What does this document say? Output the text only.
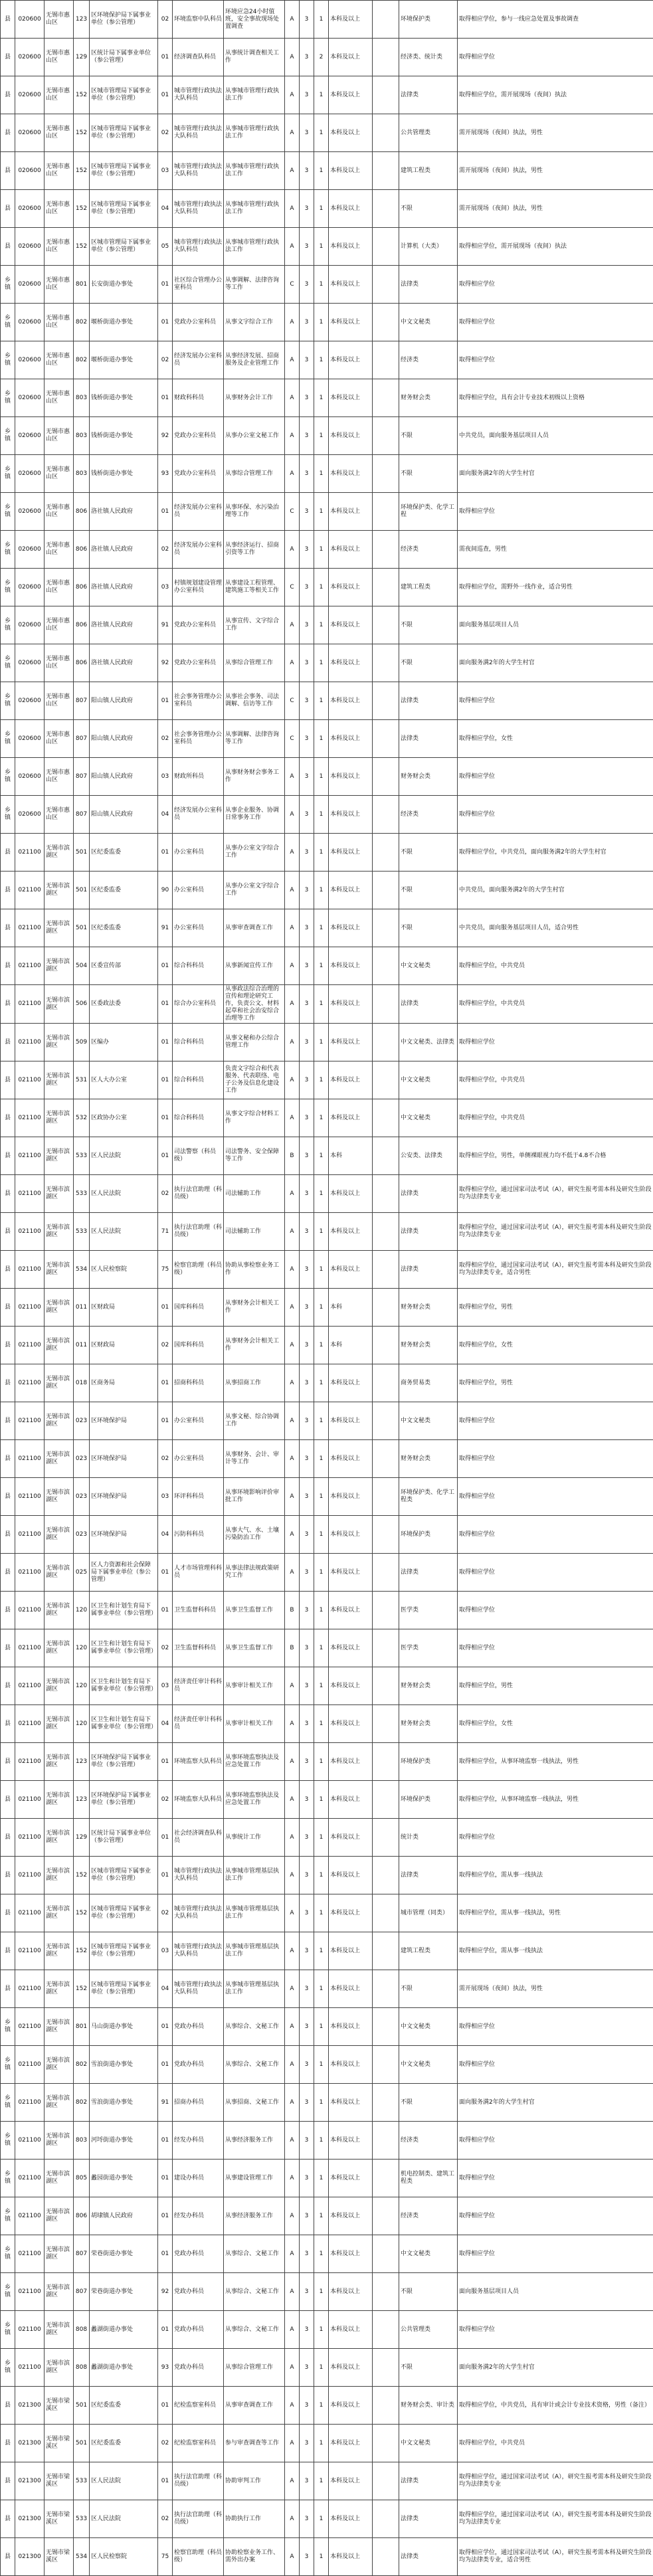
县	020600	无锡市惠山区	123	区环境保护局下属事业单位（参公管理）	02	环境监察中队科员	环境应急24小时值班，安全事故现场处置调查	A	3	1	本科及以上		环境保护类	取得相应学位，参与一线应急处置及事故调查
县	020600	无锡市惠山区	129	区统计局下属事业单位（参公管理）	01	经济调查队科员	从事统计调查相关工作	A	3	2	本科及以上		经济类、统计类	取得相应学位
县	020600	无锡市惠山区	152	区城市管理局下属事业单位（参公管理）	01	城市管理行政执法大队科员	从事城市管理行政执法工作	A	3	1	本科及以上		法律类	取得相应学位，需开展现场（夜间）执法
县	020600	无锡市惠山区	152	区城市管理局下属事业单位（参公管理）	02	城市管理行政执法大队科员	从事城市管理行政执法工作	A	3	1	本科及以上		公共管理类	需开展现场（夜间）执法，男性
县	020600	无锡市惠山区	152	区城市管理局下属事业单位（参公管理）	03	城市管理行政执法大队科员	从事城市管理行政执法工作	A	3	1	本科及以上		建筑工程类	需开展现场（夜间）执法，男性
县	020600	无锡市惠山区	152	区城市管理局下属事业单位（参公管理）	04	城市管理行政执法大队科员	从事城市管理行政执法工作	A	3	1	本科及以上		不限	需开展现场（夜间）执法，男性
县	020600	无锡市惠山区	152	区城市管理局下属事业单位（参公管理）	05	城市管理行政执法大队科员	从事城市管理行政执法工作	A	3	1	本科及以上		计算机（大类）	取得相应学位，需开展现场（夜间）执法
乡镇	020600	无锡市惠山区	801	长安街道办事处	01	社区综合管理办公室科员	从事调解、法律咨询等工作	C	3	1	本科及以上		法律类	取得相应学位
乡镇	020600	无锡市惠山区	802	堰桥街道办事处	01	党政办公室科员	从事文字综合工作	A	3	1	本科及以上		中文文秘类	取得相应学位
乡镇	020600	无锡市惠山区	802	堰桥街道办事处	02	经济发展办公室科员	从事经济发展、招商服务及企业管理工作	A	3	1	本科及以上		经济类	取得相应学位
乡镇	020600	无锡市惠山区	803	钱桥街道办事处	01	财政科科员	从事财务会计工作	A	3	1	本科及以上		财务财会类	取得相应学位，具有会计专业技术初级以上资格
乡镇	020600	无锡市惠山区	803	钱桥街道办事处	92	党政办公室科员	从事办公室文秘工作	A	3	1	本科及以上		不限	中共党员，面向服务基层项目人员
乡镇	020600	无锡市惠山区	803	钱桥街道办事处	93	党政办公室科员	从事综合管理工作	A	3	1	本科及以上		不限	面向服务满2年的大学生村官
乡镇	020600	无锡市惠山区	806	洛社镇人民政府	01	经济发展办公室科员	从事环保、水污染治理等工作	C	3	1	本科及以上		环境保护类、化学工程	取得相应学位
乡镇	020600	无锡市惠山区	806	洛社镇人民政府	02	经济发展办公室科员	从事经济运行、招商引资等工作	A	3	1	本科及以上		经济类	需夜间巡查，男性
乡镇	020600	无锡市惠山区	806	洛社镇人民政府	03	村镇规划建设管理办公室科员	从事建设工程管理、建筑施工等相关工作	C	3	1	本科及以上		建筑工程类	取得相应学位，需野外一线作业，适合男性
乡镇	020600	无锡市惠山区	806	洛社镇人民政府	91	党政办公室科员	从事宣传、文字综合工作	A	3	1	本科及以上		不限	面向服务基层项目人员
乡镇	020600	无锡市惠山区	806	洛社镇人民政府	92	党政办公室科员	从事综合管理工作	A	3	1	本科及以上		不限	面向服务满2年的大学生村官
乡镇	020600	无锡市惠山区	807	阳山镇人民政府	01	社会事务管理办公室科员	从事社会事务、司法调解、信访等工作	C	3	1	本科及以上		法律类	取得相应学位
乡镇	020600	无锡市惠山区	807	阳山镇人民政府	02	社会事务管理办公室科员	从事调解、法律咨询等工作	C	3	1	本科及以上		法律类	取得相应学位，女性
乡镇	020600	无锡市惠山区	807	阳山镇人民政府	03	财政所科员	从事财务财会事务工作	A	3	1	本科及以上		财务财会类	取得相应学位
乡镇	020600	无锡市惠山区	807	阳山镇人民政府	04	经济发展办公室科员	从事企业服务、协调日常事务工作	A	3	1	本科及以上		经济类	取得相应学位
县	021100	无锡市滨湖区	501	区纪委监委	01	办公室科员	从事办公室文字综合工作	A	3	1	本科及以上		不限	取得相应学位，中共党员，面向服务满2年的大学生村官
县	021100	无锡市滨湖区	501	区纪委监委	90	办公室科员	从事办公室文字综合工作	A	3	1	本科及以上		不限	中共党员，面向服务满2年的大学生村官
县	021100	无锡市滨湖区	501	区纪委监委	91	办公室科员	从事审查调查工作	A	3	1	本科及以上		不限	中共党员，面向服务基层项目人员，适合男性
县	021100	无锡市滨湖区	504	区委宣传部	01	综合科科员	从事新闻宣传工作	A	3	1	本科及以上		中文文秘类	取得相应学位，中共党员
县	021100	无锡市滨湖区	506	区委政法委	01	综合办公室科员	从事政法综合治理的宣传和理论研究工作，负责公文、材料起草和社会治安综合治理等工作	A	3	1	本科及以上		法律类	取得相应学位，中共党员
县	021100	无锡市滨湖区	509	区编办	01	综合科科员	从事文秘和办公综合管理工作	A	3	1	本科及以上		中文文秘类、法律类	取得相应学位
县	021100	无锡市滨湖区	531	区人大办公室	01	综合科科员	负责文字综合和代表服务、代表联络、电子公务及信息化建设工作	A	3	1	本科及以上		中文文秘类	取得相应学位，中共党员
县	021100	无锡市滨湖区	532	区政协办公室	01	综合科科员	从事文字综合材料工作	A	3	1	本科及以上		中文文秘类	取得相应学位，中共党员
县	021100	无锡市滨湖区	533	区人民法院	01	司法警察（科员级）	司法警务、安全保障等工作	B	3	1	本科		公安类、法律类	取得相应学位，男性，单侧裸眼视力均不低于4.8不合格
县	021100	无锡市滨湖区	533	区人民法院	02	执行法官助理（科员级）	司法辅助工作	A	3	1	本科及以上		法律类	取得相应学位，通过国家司法考试（A），研究生报考需本科及研究生阶段均为法律类专业
县	021100	无锡市滨湖区	533	区人民法院	71	执行法官助理（科员级）	司法辅助工作	A	3	1	本科及以上		法律类	取得相应学位，通过国家司法考试（A），研究生报考需本科及研究生阶段均为法律类专业
县	021100	无锡市滨湖区	534	区人民检察院	75	检察官助理（科员级）	协助从事检察业务工作	A	3	1	本科及以上		法律类	取得相应学位，通过国家司法考试（A），研究生报考需本科及研究生阶段均为法律类专业，适合男性
县	021100	无锡市滨湖区	011	区财政局	01	国库科科员	从事财务会计相关工作	A	3	1	本科		财务财会类	取得相应学位，男性
县	021100	无锡市滨湖区	011	区财政局	02	国库科科员	从事财务会计相关工作	A	3	1	本科		财务财会类	取得相应学位，女性
县	021100	无锡市滨湖区	018	区商务局	01	招商科科员	从事招商工作	A	3	1	本科及以上		商务贸易类	取得相应学位，男性
县	021100	无锡市滨湖区	023	区环境保护局	01	办公室科员	从事文秘、综合协调工作	A	3	1	本科及以上		中文文秘类	取得相应学位
县	021100	无锡市滨湖区	023	区环境保护局	02	办公室科员	从事财务、会计、审计等工作	A	3	1	本科及以上		财务财会类	取得相应学位
县	021100	无锡市滨湖区	023	区环境保护局	03	环评科科员	从事环境影响评价审批工作	A	3	1	本科及以上		环境保护类、化学工程类	取得相应学位
县	021100	无锡市滨湖区	023	区环境保护局	04	污防科科员	从事大气、水、土壤污染防治工作	A	3	1	本科及以上		环境保护类	取得相应学位
县	021100	无锡市滨湖区	025	区人力资源和社会保障局下属事业单位（参公管理）	01	人才市场管理科科员	从事法律法规政策研究工作	A	3	1	本科及以上		法律类	取得相应学位
县	021100	无锡市滨湖区	120	区卫生和计划生育局下属事业单位（参公管理）	01	卫生监督科科员	从事卫生监督工作	B	3	1	本科及以上		医学类	取得相应学位
县	021100	无锡市滨湖区	120	区卫生和计划生育局下属事业单位（参公管理）	02	卫生监督科科员	从事卫生监督工作	B	3	1	本科及以上		医学类	取得相应学位
县	021100	无锡市滨湖区	120	区卫生和计划生育局下属事业单位（参公管理）	03	经济责任审计科科员	从事审计相关工作	A	3	1	本科及以上		财务财会类	取得相应学位，男性
县	021100	无锡市滨湖区	120	区卫生和计划生育局下属事业单位（参公管理）	04	经济责任审计科科员	从事审计相关工作	A	3	1	本科及以上		财务财会类	取得相应学位，女性
县	021100	无锡市滨湖区	123	区环境保护局下属事业单位（参公管理）	01	环境监察大队科员	从事环境监察执法及应急处置工作	A	3	1	本科及以上		环境保护类	取得相应学位，从事环境监察一线执法，男性
县	021100	无锡市滨湖区	123	区环境保护局下属事业单位（参公管理）	02	环境监察大队科员	从事环境监察执法及应急处置工作	A	3	1	本科及以上		环境保护类	取得相应学位，从事环境监察一线执法，男性
县	021100	无锡市滨湖区	129	区统计局下属事业单位（参公管理）	01	社会经济调查队科员	从事统计工作	A	3	1	本科及以上		统计类	取得相应学位
县	021100	无锡市滨湖区	152	区城市管理局下属事业单位（参公管理）	01	城市管理行政执法大队科员	从事城市管理基层执法工作	A	3	1	本科及以上		法律类	取得相应学位，需从事一线执法
县	021100	无锡市滨湖区	152	区城市管理局下属事业单位（参公管理）	02	城市管理行政执法大队科员	从事城市管理基层执法工作	A	3	1	本科及以上		城市管理（同类）	取得相应学位，需从事一线执法，男性
县	021100	无锡市滨湖区	152	区城市管理局下属事业单位（参公管理）	03	城市管理行政执法大队科员	从事城市管理基层执法工作	A	3	1	本科及以上		建筑工程类	取得相应学位，需从事一线执法
县	021100	无锡市滨湖区	152	区城市管理局下属事业单位（参公管理）	04	城市管理行政执法大队科员	从事城市管理基层执法工作	A	3	1	本科及以上		不限	需开展现场（夜间）执法，男性
乡镇	021100	无锡市滨湖区	801	马山街道办事处	01	党政办科员	从事综合、文秘工作	A	3	1	本科及以上		中文文秘类	取得相应学位
乡镇	021100	无锡市滨湖区	802	雪浪街道办事处	01	党政办科员	从事综合、文秘工作	A	3	1	本科及以上		中文文秘类	取得相应学位
乡镇	021100	无锡市滨湖区	802	雪浪街道办事处	91	招商办科员	从事招商、文秘工作	A	3	1	本科及以上		不限	面向服务满2年的大学生村官
乡镇	021100	无锡市滨湖区	803	河埒街道办事处	01	经发办科员	从事经济服务工作	A	3	1	本科及以上		经济类	取得相应学位
乡镇	021100	无锡市滨湖区	805	蠡园街道办事处	01	建设办科员	从事建设管理工作	A	3	1	本科及以上		机电控制类、建筑工程类	取得相应学位
乡镇	021100	无锡市滨湖区	806	胡埭镇人民政府	01	经发办科员	从事经济服务工作	A	3	1	本科及以上		经济类	取得相应学位
乡镇	021100	无锡市滨湖区	807	荣巷街道办事处	01	党政办科员	从事综合、文秘工作	A	3	1	本科及以上		中文文秘类	取得相应学位
乡镇	021100	无锡市滨湖区	807	荣巷街道办事处	92	党政办科员	从事综合、文秘工作	A	3	1	本科及以上		不限	面向服务基层项目人员
乡镇	021100	无锡市滨湖区	808	蠡湖街道办事处	01	党政办科员	从事综合、文秘工作	A	3	1	本科及以上		公共管理类	取得相应学位
乡镇	021100	无锡市滨湖区	808	蠡湖街道办事处	93	党政办科员	从事综合管理工作	A	3	1	本科及以上		不限	面向服务满2年的大学生村官
县	021300	无锡市梁溪区	501	区纪委监委	01	纪检监察室科员	从事审查调查工作	A	3	1	本科及以上		财务财会类、审计类	取得相应学位，中共党员，具有审计或会计专业技术资格，男性（备注）
县	021300	无锡市梁溪区	501	区纪委监委	02	纪检监察室科员	参与审查调查等工作	A	3	1	本科及以上		中文文秘类	取得相应学位，中共党员
县	021300	无锡市梁溪区	533	区人民法院	01	执行法官助理（科员级）	协助审判工作	A	3	1	本科及以上		法律类	取得相应学位，通过国家司法考试（A），研究生报考需本科及研究生阶段均为法律类专业
县	021300	无锡市梁溪区	533	区人民法院	02	执行法官助理（科员级）	协助执行工作	A	3	1	本科及以上		法律类	取得相应学位，通过国家司法考试（A），研究生报考需本科及研究生阶段均为法律类专业
县	021300	无锡市梁溪区	534	区人民检察院	75	检察官助理（科员级）	协助检察业务工作、需外出办案	A	3	1	本科及以上		法律类	取得相应学位，通过国家司法考试（A），研究生报考需本科及研究生阶段均为法律类专业，适合男性
